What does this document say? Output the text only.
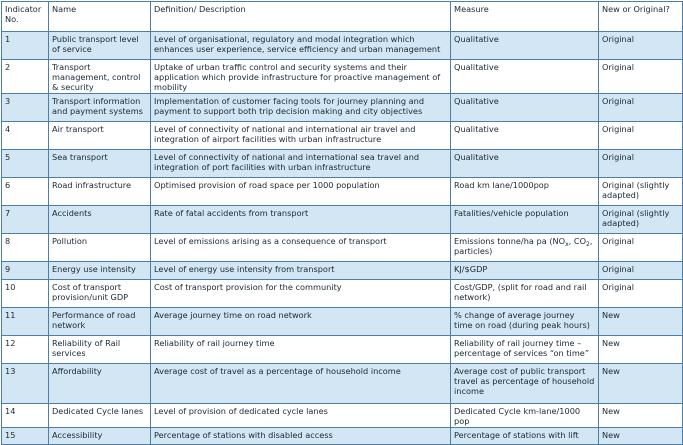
Indicator No.	Name	Definition/ Description	Measure	New or Original?
1	Public transport level of service	Level of organisational, regulatory and modal integration which enhances user experience, service efficiency and urban management	Qualitative	Original
2	Transport management, control & security	Uptake of urban traffic control and security systems and their application which provide infrastructure for proactive management of mobility	Qualitative	Original
3	Transport information and payment systems	Implementation of customer facing tools for journey planning and payment to support both trip decision making and city objectives	Qualitative	Original
4	Air transport	Level of connectivity of national and international air travel and integration of airport facilities with urban infrastructure	Qualitative	Original
5	Sea transport	Level of connectivity of national and international sea travel and integration of port facilities with urban infrastructure	Qualitative	Original
6	Road infrastructure	Optimised provision of road space per 1000 population	Road km lane/1000pop	Original (slightly adapted)
7	Accidents	Rate of fatal accidents from transport	Fatalities/vehicle population	Original (slightly adapted)
8	Pollution	Level of emissions arising as a consequence of transport	Emissions tonne/ha pa ($NO_x$, $CO_2$, particles)	Original
9	Energy use intensity	Level of energy use intensity from transport	KJ/$GDP	Original
10	Cost of transport provision/unit GDP	Cost of transport provision for the community	Cost/GDP, (split for road and rail network)	Original
11	Performance of road network	Average journey time on road network	% change of average journey time on road (during peak hours)	New
12	Reliability of Rail services	Reliability of rail journey time	Reliability of rail journey time – percentage of services “on time”	New
13	Affordability	Average cost of travel as a percentage of household income	Average cost of public transport travel as percentage of household income	New
14	Dedicated Cycle lanes	Level of provision of dedicated cycle lanes	Dedicated Cycle km-lane/1000 pop	New
15	Accessibility	Percentage of stations with disabled access	Percentage of stations with lift	New
